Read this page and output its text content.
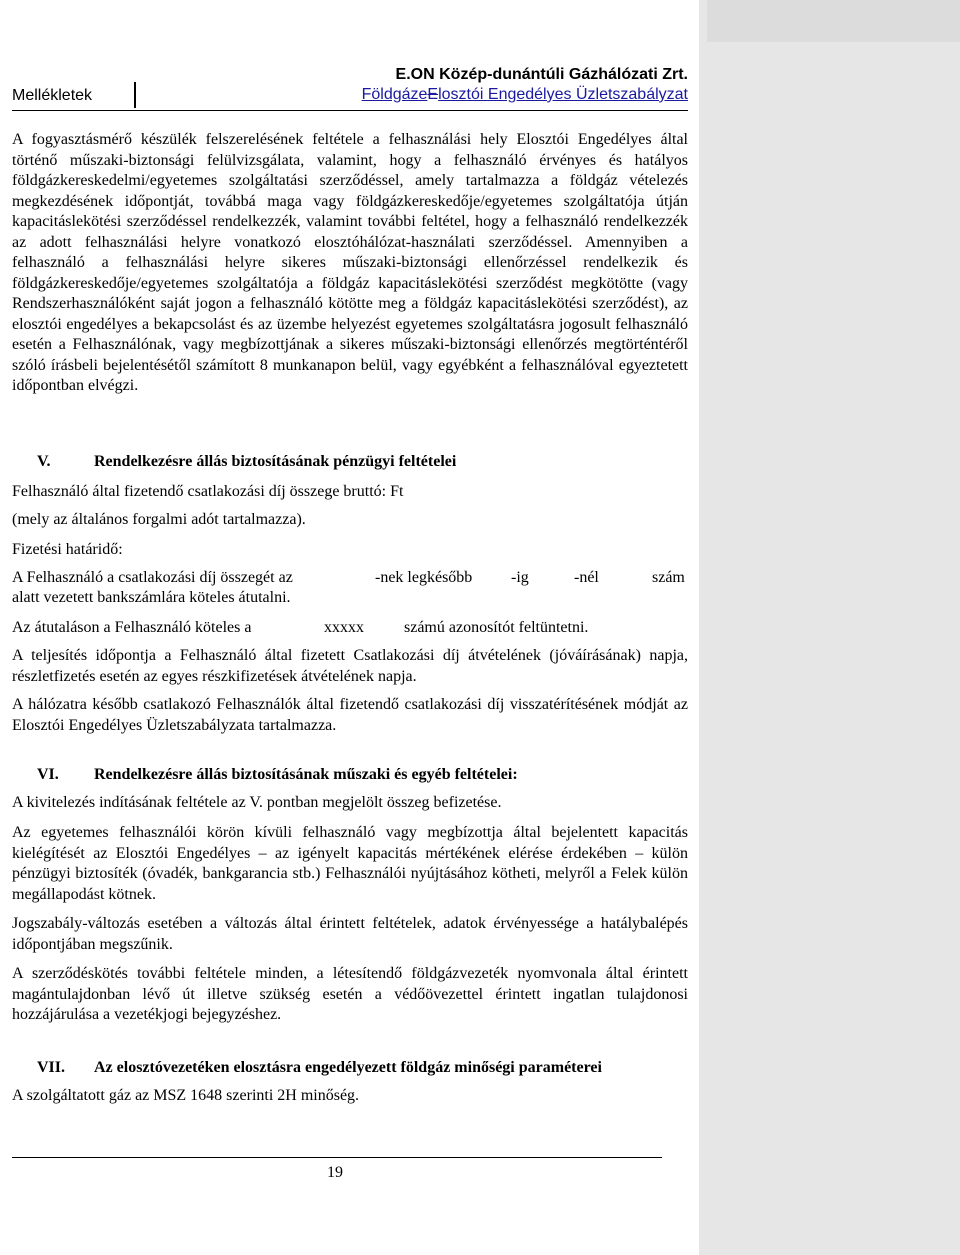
Mellékletek
E.ON Közép-dunántúli Gázhálózati Zrt.
FöldgázeElosztói Engedélyes Üzletszabályzat
A fogyasztásmérő készülék felszerelésének feltétele a felhasználási hely Elosztói Engedélyes által történő műszaki-biztonsági felülvizsgálata, valamint, hogy a felhasználó érvényes és hatályos földgázkereskedelmi/egyetemes szolgáltatási szerződéssel, amely tartalmazza a földgáz vételezés megkezdésének időpontját, továbbá maga vagy földgázkereskedője/egyetemes szolgáltatója útján kapacitáslekötési szerződéssel rendelkezzék, valamint további feltétel, hogy a felhasználó rendelkezzék az adott felhasználási helyre vonatkozó elosztóhálózat-használati szerződéssel. Amennyiben a felhasználó a felhasználási helyre sikeres műszaki-biztonsági ellenőrzéssel rendelkezik és földgázkereskedője/egyetemes szolgáltatója a földgáz kapacitáslekötési szerződést megkötötte (vagy Rendszerhasználóként saját jogon a felhasználó kötötte meg a földgáz kapacitáslekötési szerződést), az elosztói engedélyes a bekapcsolást és az üzembe helyezést egyetemes szolgáltatásra jogosult felhasználó esetén a Felhasználónak, vagy megbízottjának a sikeres műszaki-biztonsági ellenőrzés megtörténtéről szóló írásbeli bejelentésétől számított 8 munkanapon belül, vagy egyébként a felhasználóval egyeztetett időpontban elvégzi.
V.	Rendelkezésre állás biztosításának pénzügyi feltételei
Felhasználó által fizetendő csatlakozási díj összege bruttó: Ft
(mely az általános forgalmi adót tartalmazza).
Fizetési határidő:
A Felhasználó a csatlakozási díj összegét az	-nek legkésőbb -ig	-nél	szám
alatt vezetett bankszámlára köteles átutalni.
Az átutaláson a Felhasználó köteles a	xxxxx	számú azonosítót feltüntetni.
A teljesítés időpontja a Felhasználó által fizetett Csatlakozási díj átvételének (jóváírásának) napja, részletfizetés esetén az egyes részkifizetések átvételének napja.
A hálózatra később csatlakozó Felhasználók által fizetendő csatlakozási díj visszatérítésének módját az Elosztói Engedélyes Üzletszabályzata tartalmazza.
VI. Rendelkezésre állás biztosításának műszaki és egyéb feltételei:
A kivitelezés indításának feltétele az V. pontban megjelölt összeg befizetése.
Az egyetemes felhasználói körön kívüli felhasználó vagy megbízottja által bejelentett kapacitás kielégítését az Elosztói Engedélyes – az igényelt kapacitás mértékének elérése érdekében – külön pénzügyi biztosíték (óvadék, bankgarancia stb.) Felhasználói nyújtásához kötheti, melyről a Felek külön megállapodást kötnek.
Jogszabály-változás esetében a változás által érintett feltételek, adatok érvényessége a hatálybalépés időpontjában megszűnik.
A szerződéskötés további feltétele minden, a létesítendő földgázvezeték nyomvonala által érintett magántulajdonban lévő út illetve szükség esetén a védőövezettel érintett ingatlan tulajdonosi hozzájárulása a vezetékjogi bejegyzéshez.
VII. Az elosztóvezetéken elosztásra engedélyezett földgáz minőségi paraméterei
A szolgáltatott gáz az MSZ 1648 szerinti 2H minőség.
19
